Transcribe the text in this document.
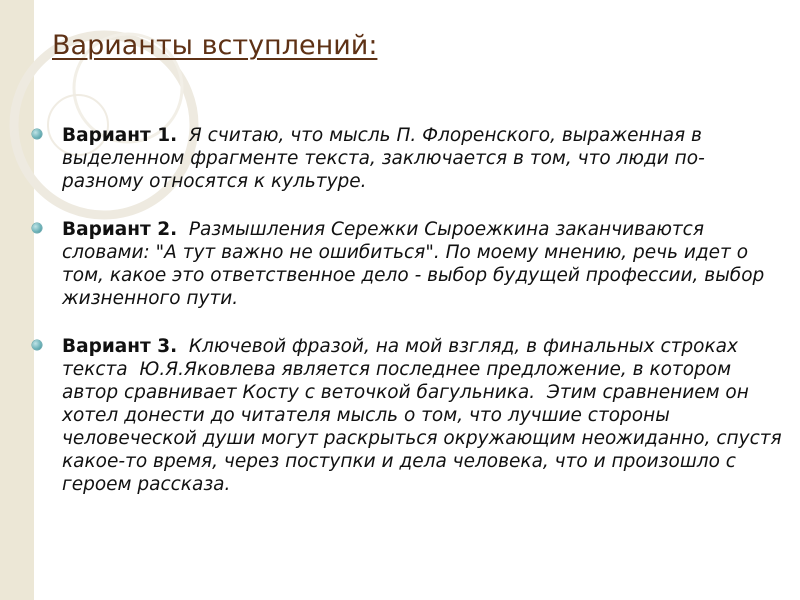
Варианты вступлений:
Вариант 1.  Я считаю, что мысль П. Флоренского, выраженная в выделенном фрагменте текста, заключается в том, что люди по-разному относятся к культуре.
Вариант 2.  Размышления Сережки Сыроежкина заканчиваются словами: "А тут важно не ошибиться". По моему мнению, речь идет о том, какое это ответственное дело - выбор будущей профессии, выбор жизненного пути.
Вариант 3.  Ключевой фразой, на мой взгляд, в финальных строках текста  Ю.Я.Яковлева является последнее предложение, в котором автор сравнивает Косту с веточкой багульника.  Этим сравнением он хотел донести до читателя мысль о том, что лучшие стороны человеческой души могут раскрыться окружающим неожиданно, спустя какое-то время, через поступки и дела человека, что и произошло с героем рассказа.
